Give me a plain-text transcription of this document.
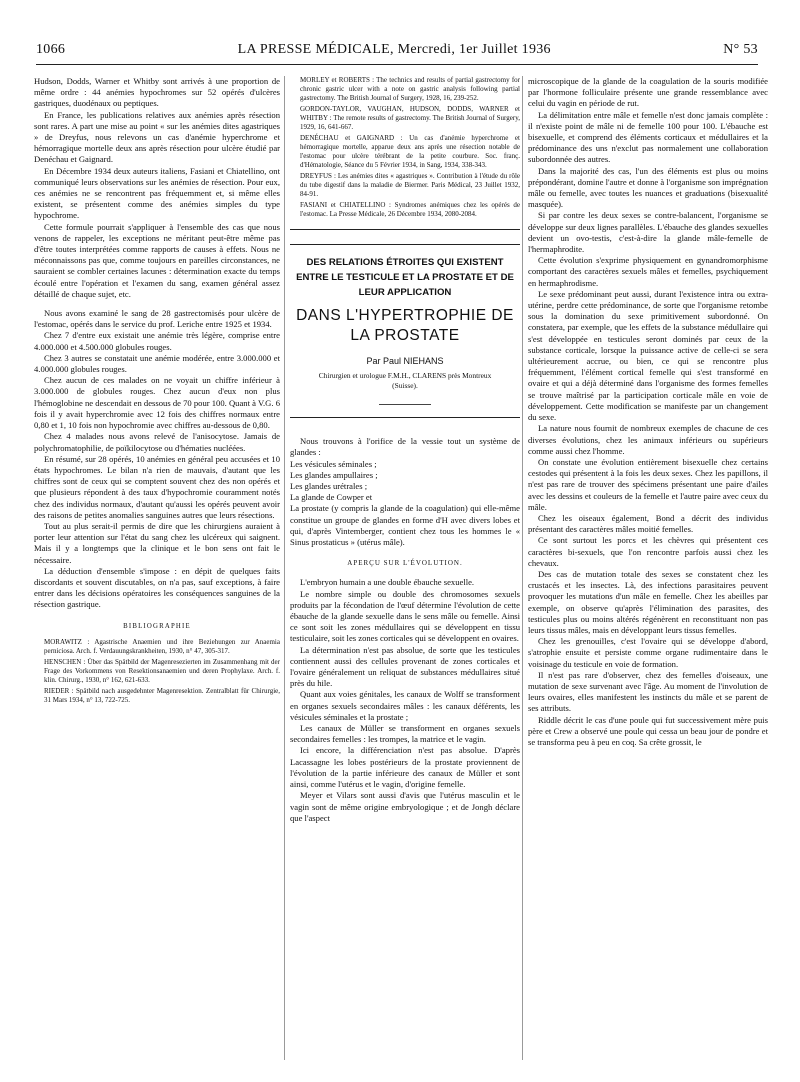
1066	LA PRESSE MÉDICALE, Mercredi, 1er Juillet 1936	N° 53

Hudson, Dodds, Warner et Whitby sont arrivés à une proportion de même ordre : 44 anémies hypochromes sur 52 opérés d'ulcères gastriques, duodénaux ou peptiques.

En France, les publications relatives aux anémies après résection sont rares. A part une mise au point « sur les anémies dites agastriques » de Dreyfus, nous relevons un cas d'anémie hyperchrome et hémorragique mortelle deux ans après résection pour ulcère étudié par Denéchau et Gaignard.

En Décembre 1934 deux auteurs italiens, Fasiani et Chiatellino, ont communiqué leurs observations sur les anémies de résection. Pour eux, ces anémies ne se rencontrent pas fréquemment et, si même elles existent, se présentent comme des anémies simples du type hypochrome.

Cette formule pourrait s'appliquer à l'ensemble des cas que nous venons de rappeler, les exceptions ne méritant peut-être même pas d'être toutes interprétées comme rapports de causes à effets. Nous ne méconnaissons pas que, comme toujours en pareilles circonstances, ne sauraient se combler certaines lacunes : détermination exacte du temps écoulé entre l'opération et l'examen du sang, examen général assez détaillé de chaque sujet, etc.

Nous avons examiné le sang de 28 gastrectomisés pour ulcère de l'estomac, opérés dans le service du prof. Leriche entre 1925 et 1934.

Chez 7 d'entre eux existait une anémie très légère, comprise entre 4.000.000 et 4.500.000 globules rouges.

Chez 3 autres se constatait une anémie modérée, entre 3.000.000 et 4.000.000 globules rouges.

Chez aucun de ces malades on ne voyait un chiffre inférieur à 3.000.000 de globules rouges. Chez aucun d'eux non plus l'hémoglobine ne descendait en dessous de 70 pour 100. Quant à V.G. 6 fois il y avait hyperchromie avec 12 fois des chiffres normaux entre 0,80 et 1, 10 fois non hypochromie avec chiffres au-dessous de 0,80.

Chez 4 malades nous avons relevé de l'anisocytose. Jamais de polychromatophilie, de poïkilocytose ou d'hématies nucléées.

En résumé, sur 28 opérés, 10 anémies en général peu accusées et 10 états hypochromes. Le bilan n'a rien de mauvais, d'autant que les chiffres sont de ceux qui se comptent souvent chez des non opérés et que plusieurs répondent à des taux d'hypochromie couramment notés chez des individus normaux, d'autant qu'aussi les opérés peuvent avoir des raisons de petites anomalies sanguines autres que leurs résections.

Tout au plus serait-il permis de dire que les chirurgiens auraient à porter leur attention sur l'état du sang chez les ulcéreux qui saignent. Mais il y a longtemps que la clinique et le bon sens ont fait le nécessaire.

La déduction d'ensemble s'impose : en dépit de quelques faits discordants et souvent discutables, on n'a pas, sauf exceptions, à faire entrer dans les décisions opératoires les conséquences sanguines de la résection gastrique.

BIBLIOGRAPHIE

MORAWITZ : Agastrische Anaemien und ihre Beziehungen zur Anaemia perniciosa. Arch. f. Verdauungskrankheiten, 1930, n° 47, 305-317.

HENSCHEN : Über das Spätbild der Magenresezierten im Zusammenhang mit der Frage des Vorkommens von Resektionsanaemien und deren Prophylaxe. Arch. f. klin. Chirurg., 1930, n° 162, 621-633.

RIEDER : Spätbild nach ausgedehnter Magenresektion. Zentralblatt für Chirurgie, 31 Mars 1934, n° 13, 722-725.

MORLEY et ROBERTS : The technics and results of partial gastrectomy for chronic gastric ulcer with a note on gastric analysis following partial gastrectomy. The British Journal of Surgery, 1928, 16, 239-252.

GORDON-TAYLOR, VAUGHAN, HUDSON, DODDS, WARNER et WHITBY : The remote results of gastrectomy. The British Journal of Surgery, 1929, 16, 641-667.

DENÉCHAU et GAIGNARD : Un cas d'anémie hyperchrome et hémorragique mortelle, apparue deux ans après une résection notable de l'estomac pour ulcère térébrant de la petite courbure. Soc. franç. d'Hématologie, Séance du 5 Février 1934, in Sang, 1934, 338-343.

DREYFUS : Les anémies dites « agastriques ». Contribution à l'étude du rôle du tube digestif dans la maladie de Biermer. Paris Médical, 23 Juillet 1932, 84-91.

FASIANI et CHIATELLINO : Syndromes anémiques chez les opérés de l'estomac. La Presse Médicale, 26 Décembre 1934, 2080-2084.

DES RELATIONS ÉTROITES QUI EXISTENT ENTRE LE TESTICULE ET LA PROSTATE ET DE LEUR APPLICATION
DANS L'HYPERTROPHIE DE LA PROSTATE
Par Paul NIEHANS
Chirurgien et urologue F.M.H., CLARENS près Montreux (Suisse).

Nous trouvons à l'orifice de la vessie tout un système de glandes :

Les vésicules séminales ;

Les glandes ampullaires ;

Les glandes urétrales ;

La glande de Cowper et

La prostate (y compris la glande de la coagulation) qui elle-même constitue un groupe de glandes en forme d'H avec divers lobes et qui, d'après Vintemberger, contient chez tous les hommes le « Sinus prostaticus » (utérus mâle).

APERÇU SUR L'ÉVOLUTION.

L'embryon humain a une double ébauche sexuelle.

Le nombre simple ou double des chromosomes sexuels produits par la fécondation de l'œuf détermine l'évolution de cette ébauche de la glande sexuelle dans le sens mâle ou femelle. Ainsi ce sont soit les zones médullaires qui se développent en tissu testiculaire, soit les zones corticales qui se développent en ovaires.

La détermination n'est pas absolue, de sorte que les testicules contiennent aussi des cellules provenant de zones corticales et l'ovaire généralement un reliquat de substances médullaires situé près du hile.

Quant aux voies génitales, les canaux de Wolff se transforment en organes sexuels secondaires mâles : les canaux déférents, les vésicules séminales et la prostate ;

Les canaux de Müller se transforment en organes sexuels secondaires femelles : les trompes, la matrice et le vagin.

Ici encore, la différenciation n'est pas absolue. D'après Lacassagne les lobes postérieurs de la prostate proviennent de l'évolution de la partie inférieure des canaux de Müller et sont ainsi, comme l'utérus et le vagin, d'origine femelle.

Meyer et Vilars sont aussi d'avis que l'utérus masculin et le vagin sont de même origine embryologique ; et de Jongh déclare que l'aspect

microscopique de la glande de la coagulation de la souris modifiée par l'hormone folliculaire présente une grande ressemblance avec celui du vagin en période de rut.

La délimitation entre mâle et femelle n'est donc jamais complète : il n'existe point de mâle ni de femelle 100 pour 100. L'ébauche est bisexuelle, et comprend des éléments corticaux et médullaires et la prédominance des uns n'exclut pas normalement une collaboration subordonnée des autres.

Dans la majorité des cas, l'un des éléments est plus ou moins prépondérant, domine l'autre et donne à l'organisme son imprégnation mâle ou femelle, avec toutes les nuances et graduations (bisexualité masquée).

Si par contre les deux sexes se contre-balancent, l'organisme se développe sur deux lignes parallèles. L'ébauche des glandes sexuelles devient un ovo-testis, c'est-à-dire la glande mâle-femelle de l'hermaphrodite.

Cette évolution s'exprime physiquement en gynandromorphisme comportant des caractères sexuels mâles et femelles, psychiquement en hermaphrodisme.

Le sexe prédominant peut aussi, durant l'existence intra ou extra-utérine, perdre cette prédominance, de sorte que l'organisme retombe sous la domination du sexe primitivement subordonné. On constatera, par exemple, que les effets de la substance médullaire qui s'est développée en testicules seront dominés par ceux de la substance corticale, lorsque la puissance active de celle-ci se sera ultérieurement accrue, ou bien, ce qui se rencontre plus fréquemment, l'élément cortical femelle qui s'est transformé en ovaire et qui a déjà déterminé dans l'organisme des formes femelles se trouve maîtrisé par la participation corticale mâle en voie de développement. Cette modification se manifeste par un changement du sexe.

La nature nous fournit de nombreux exemples de chacune de ces diverses évolutions, chez les animaux inférieurs ou supérieurs comme aussi chez l'homme.

On constate une évolution entièrement bisexuelle chez certains cestodes qui présentent à la fois les deux sexes. Chez les papillons, il n'est pas rare de trouver des spécimens présentant une paire d'ailes avec les dessins et couleurs de la femelle et l'autre paire avec ceux du mâle.

Chez les oiseaux également, Bond a décrit des individus présentant des caractères mâles moitié femelles.

Ce sont surtout les porcs et les chèvres qui présentent ces caractères bi-sexuels, que l'on rencontre parfois aussi chez les chevaux.

Des cas de mutation totale des sexes se constatent chez les crustacés et les insectes. Là, des infections parasitaires peuvent provoquer les mutations d'un mâle en femelle. Chez les abeilles par exemple, on observe qu'après l'élimination des parasites, des testicules plus ou moins altérés régénèrent en reconstituant non pas leurs tissus mâles, mais en développant leurs tissus femelles.

Chez les grenouilles, c'est l'ovaire qui se développe d'abord, s'atrophie ensuite et persiste comme organe rudimentaire dans le voisinage du testicule en voie de formation.

Il n'est pas rare d'observer, chez des femelles d'oiseaux, une mutation de sexe survenant avec l'âge. Au moment de l'involution de leurs ovaires, elles manifestent les instincts du mâle et se parent de ses attributs.

Riddle décrit le cas d'une poule qui fut successivement mère puis père et Crew a observé une poule qui cessa un beau jour de pondre et se transforma peu à peu en coq. Sa crête grossit, le
